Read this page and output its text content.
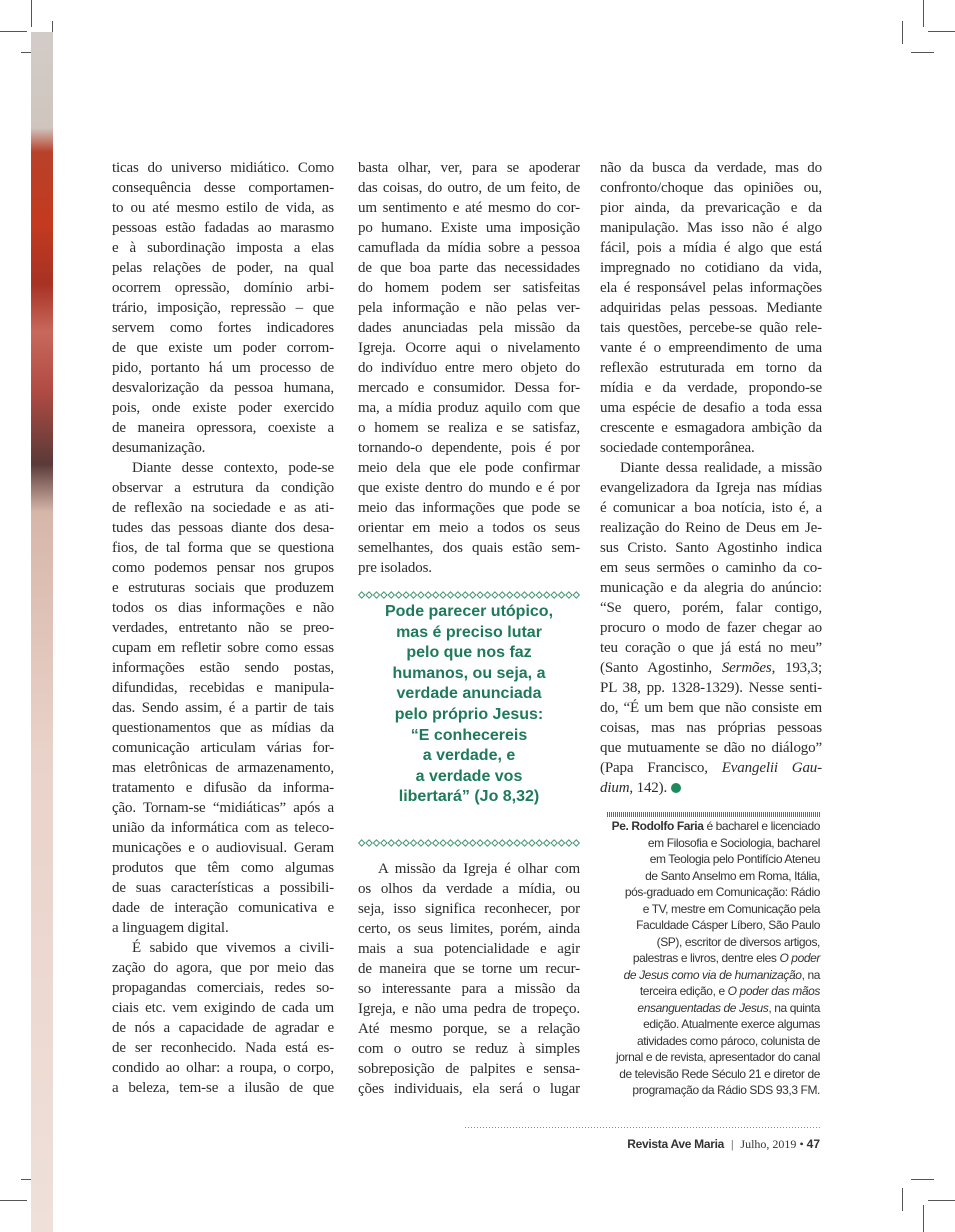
ticas do universo midiático. Como
consequência desse comportamen-
to ou até mesmo estilo de vida, as
pessoas estão fadadas ao marasmo
e à subordinação imposta a elas
pelas relações de poder, na qual
ocorrem opressão, domínio arbi-
trário, imposição, repressão – que
servem como fortes indicadores
de que existe um poder corrom-
pido, portanto há um processo de
desvalorização da pessoa humana,
pois, onde existe poder exercido
de maneira opressora, coexiste a
desumanização.
Diante desse contexto, pode-se
observar a estrutura da condição
de reflexão na sociedade e as ati-
tudes das pessoas diante dos desa-
fios, de tal forma que se questiona
como podemos pensar nos grupos
e estruturas sociais que produzem
todos os dias informações e não
verdades, entretanto não se preo-
cupam em refletir sobre como essas
informações estão sendo postas,
difundidas, recebidas e manipula-
das. Sendo assim, é a partir de tais
questionamentos que as mídias da
comunicação articulam várias for-
mas eletrônicas de armazenamento,
tratamento e difusão da informa-
ção. Tornam-se “midiáticas” após a
união da informática com as teleco-
municações e o audiovisual. Geram
produtos que têm como algumas
de suas características a possibili-
dade de interação comunicativa e
a linguagem digital.
É sabido que vivemos a civili-
zação do agora, que por meio das
propagandas comerciais, redes so-
ciais etc. vem exigindo de cada um
de nós a capacidade de agradar e
de ser reconhecido. Nada está es-
condido ao olhar: a roupa, o corpo,
a beleza, tem-se a ilusão de que
basta olhar, ver, para se apoderar
das coisas, do outro, de um feito, de
um sentimento e até mesmo do cor-
po humano. Existe uma imposição
camuflada da mídia sobre a pessoa
de que boa parte das necessidades
do homem podem ser satisfeitas
pela informação e não pelas ver-
dades anunciadas pela missão da
Igreja. Ocorre aqui o nivelamento
do indivíduo entre mero objeto do
mercado e consumidor. Dessa for-
ma, a mídia produz aquilo com que
o homem se realiza e se satisfaz,
tornando-o dependente, pois é por
meio dela que ele pode confirmar
que existe dentro do mundo e é por
meio das informações que pode se
orientar em meio a todos os seus
semelhantes, dos quais estão sem-
pre isolados.
A missão da Igreja é olhar com
os olhos da verdade a mídia, ou
seja, isso significa reconhecer, por
certo, os seus limites, porém, ainda
mais a sua potencialidade e agir
de maneira que se torne um recur-
so interessante para a missão da
Igreja, e não uma pedra de tropeço.
Até mesmo porque, se a relação
com o outro se reduz à simples
sobreposição de palpites e sensa-
ções individuais, ela será o lugar
não da busca da verdade, mas do
confronto/choque das opiniões ou,
pior ainda, da prevaricação e da
manipulação. Mas isso não é algo
fácil, pois a mídia é algo que está
impregnado no cotidiano da vida,
ela é responsável pelas informações
adquiridas pelas pessoas. Mediante
tais questões, percebe-se quão rele-
vante é o empreendimento de uma
reflexão estruturada em torno da
mídia e da verdade, propondo-se
uma espécie de desafio a toda essa
crescente e esmagadora ambição da
sociedade contemporânea.
Diante dessa realidade, a missão
evangelizadora da Igreja nas mídias
é comunicar a boa notícia, isto é, a
realização do Reino de Deus em Je-
sus Cristo. Santo Agostinho indica
em seus sermões o caminho da co-
municação e da alegria do anúncio:
“Se quero, porém, falar contigo,
procuro o modo de fazer chegar ao
teu coração o que já está no meu”
(Santo Agostinho, Sermões, 193,3;
PL 38, pp. 1328-1329). Nesse senti-
do, “É um bem que não consiste em
coisas, mas nas próprias pessoas
que mutuamente se dão no diálogo”
(Papa Francisco, Evangelii Gau-
dium, 142).
Pode parecer utópico,
mas é preciso lutar
pelo que nos faz
humanos, ou seja, a
verdade anunciada
pelo próprio Jesus:
“E conhecereis
a verdade, e
a verdade vos
libertará” (Jo 8,32)
Pe. Rodolfo Faria é bacharel e licenciado
em Filosofia e Sociologia, bacharel
em Teologia pelo Pontifício Ateneu
de Santo Anselmo em Roma, Itália,
pós-graduado em Comunicação: Rádio
e TV, mestre em Comunicação pela
Faculdade Cásper Líbero, São Paulo
(SP), escritor de diversos artigos,
palestras e livros, dentre eles O poder
de Jesus como via de humanização, na
terceira edição, e O poder das mãos
ensanguentadas de Jesus, na quinta
edição. Atualmente exerce algumas
atividades como pároco, colunista de
jornal e de revista, apresentador do canal
de televisão Rede Século 21 e diretor de
programação da Rádio SDS 93,3 FM.
Revista Ave Maria | Julho, 2019 • 47
